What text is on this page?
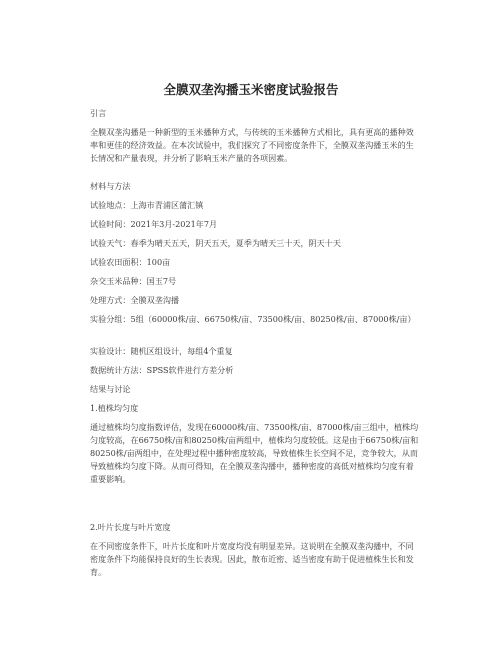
全膜双垄沟播玉米密度试验报告
引言
全膜双垄沟播是一种新型的玉米播种方式，与传统的玉米播种方式相比，具有更高的播种效率和更佳的经济效益。在本次试验中，我们探究了不同密度条件下，全膜双垄沟播玉米的生长情况和产量表现，并分析了影响玉米产量的各项因素。
材料与方法
试验地点：上海市青浦区蒲汇镇
试验时间：2021年3月-2021年7月
试验天气：春季为晴天五天，阴天五天，夏季为晴天三十天，阴天十天
试验农田面积：100亩
杂交玉米品种：国玉7号
处理方式：全膜双垄沟播
实验分组：5组（60000株/亩、66750株/亩、73500株/亩、80250株/亩、87000株/亩）
实验设计：随机区组设计，每组4个重复
数据统计方法：SPSS软件进行方差分析
结果与讨论
1.植株均匀度
通过植株均匀度指数评估，发现在60000株/亩、73500株/亩、87000株/亩三组中，植株均匀度较高，在66750株/亩和80250株/亩两组中，植株均匀度较低。这是由于66750株/亩和80250株/亩两组中，在处理过程中播种密度较高，导致植株生长空间不足，竞争较大，从而导致植株均匀度下降。从而可得知，在全膜双垄沟播中，播种密度的高低对植株均匀度有着重要影响。
2.叶片长度与叶片宽度
在不同密度条件下，叶片长度和叶片宽度均没有明显差异。这说明在全膜双垄沟播中，不同密度条件下均能保持良好的生长表现。因此，散布近密、适当密度有助于促进植株生长和发育。
